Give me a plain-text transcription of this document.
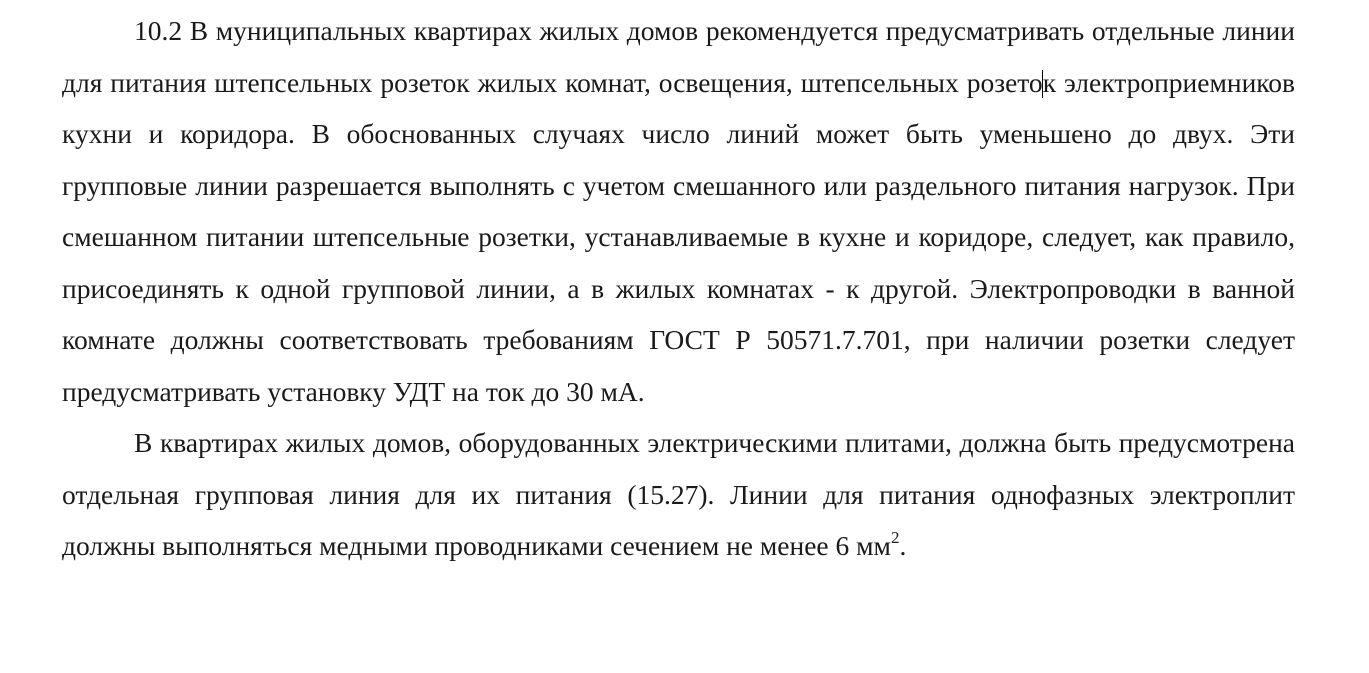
10.2 В муниципальных квартирах жилых домов рекомендуется предусматривать отдельные линии для питания штепсельных розеток жилых комнат, освещения, штепсельных розеток электроприемников кухни и коридора. В обоснованных случаях число линий может быть уменьшено до двух. Эти групповые линии разрешается выполнять с учетом смешанного или раздельного питания нагрузок. При смешанном питании штепсельные розетки, устанавливаемые в кухне и коридоре, следует, как правило, присоединять к одной групповой линии, а в жилых комнатах - к другой. Электропроводки в ванной комнате должны соответствовать требованиям ГОСТ Р 50571.7.701, при наличии розетки следует предусматривать установку УДТ на ток до 30 мА.

В квартирах жилых домов, оборудованных электрическими плитами, должна быть предусмотрена отдельная групповая линия для их питания (15.27). Линии для питания однофазных электроплит должны выполняться медными проводниками сечением не менее 6 $мм^2$.
